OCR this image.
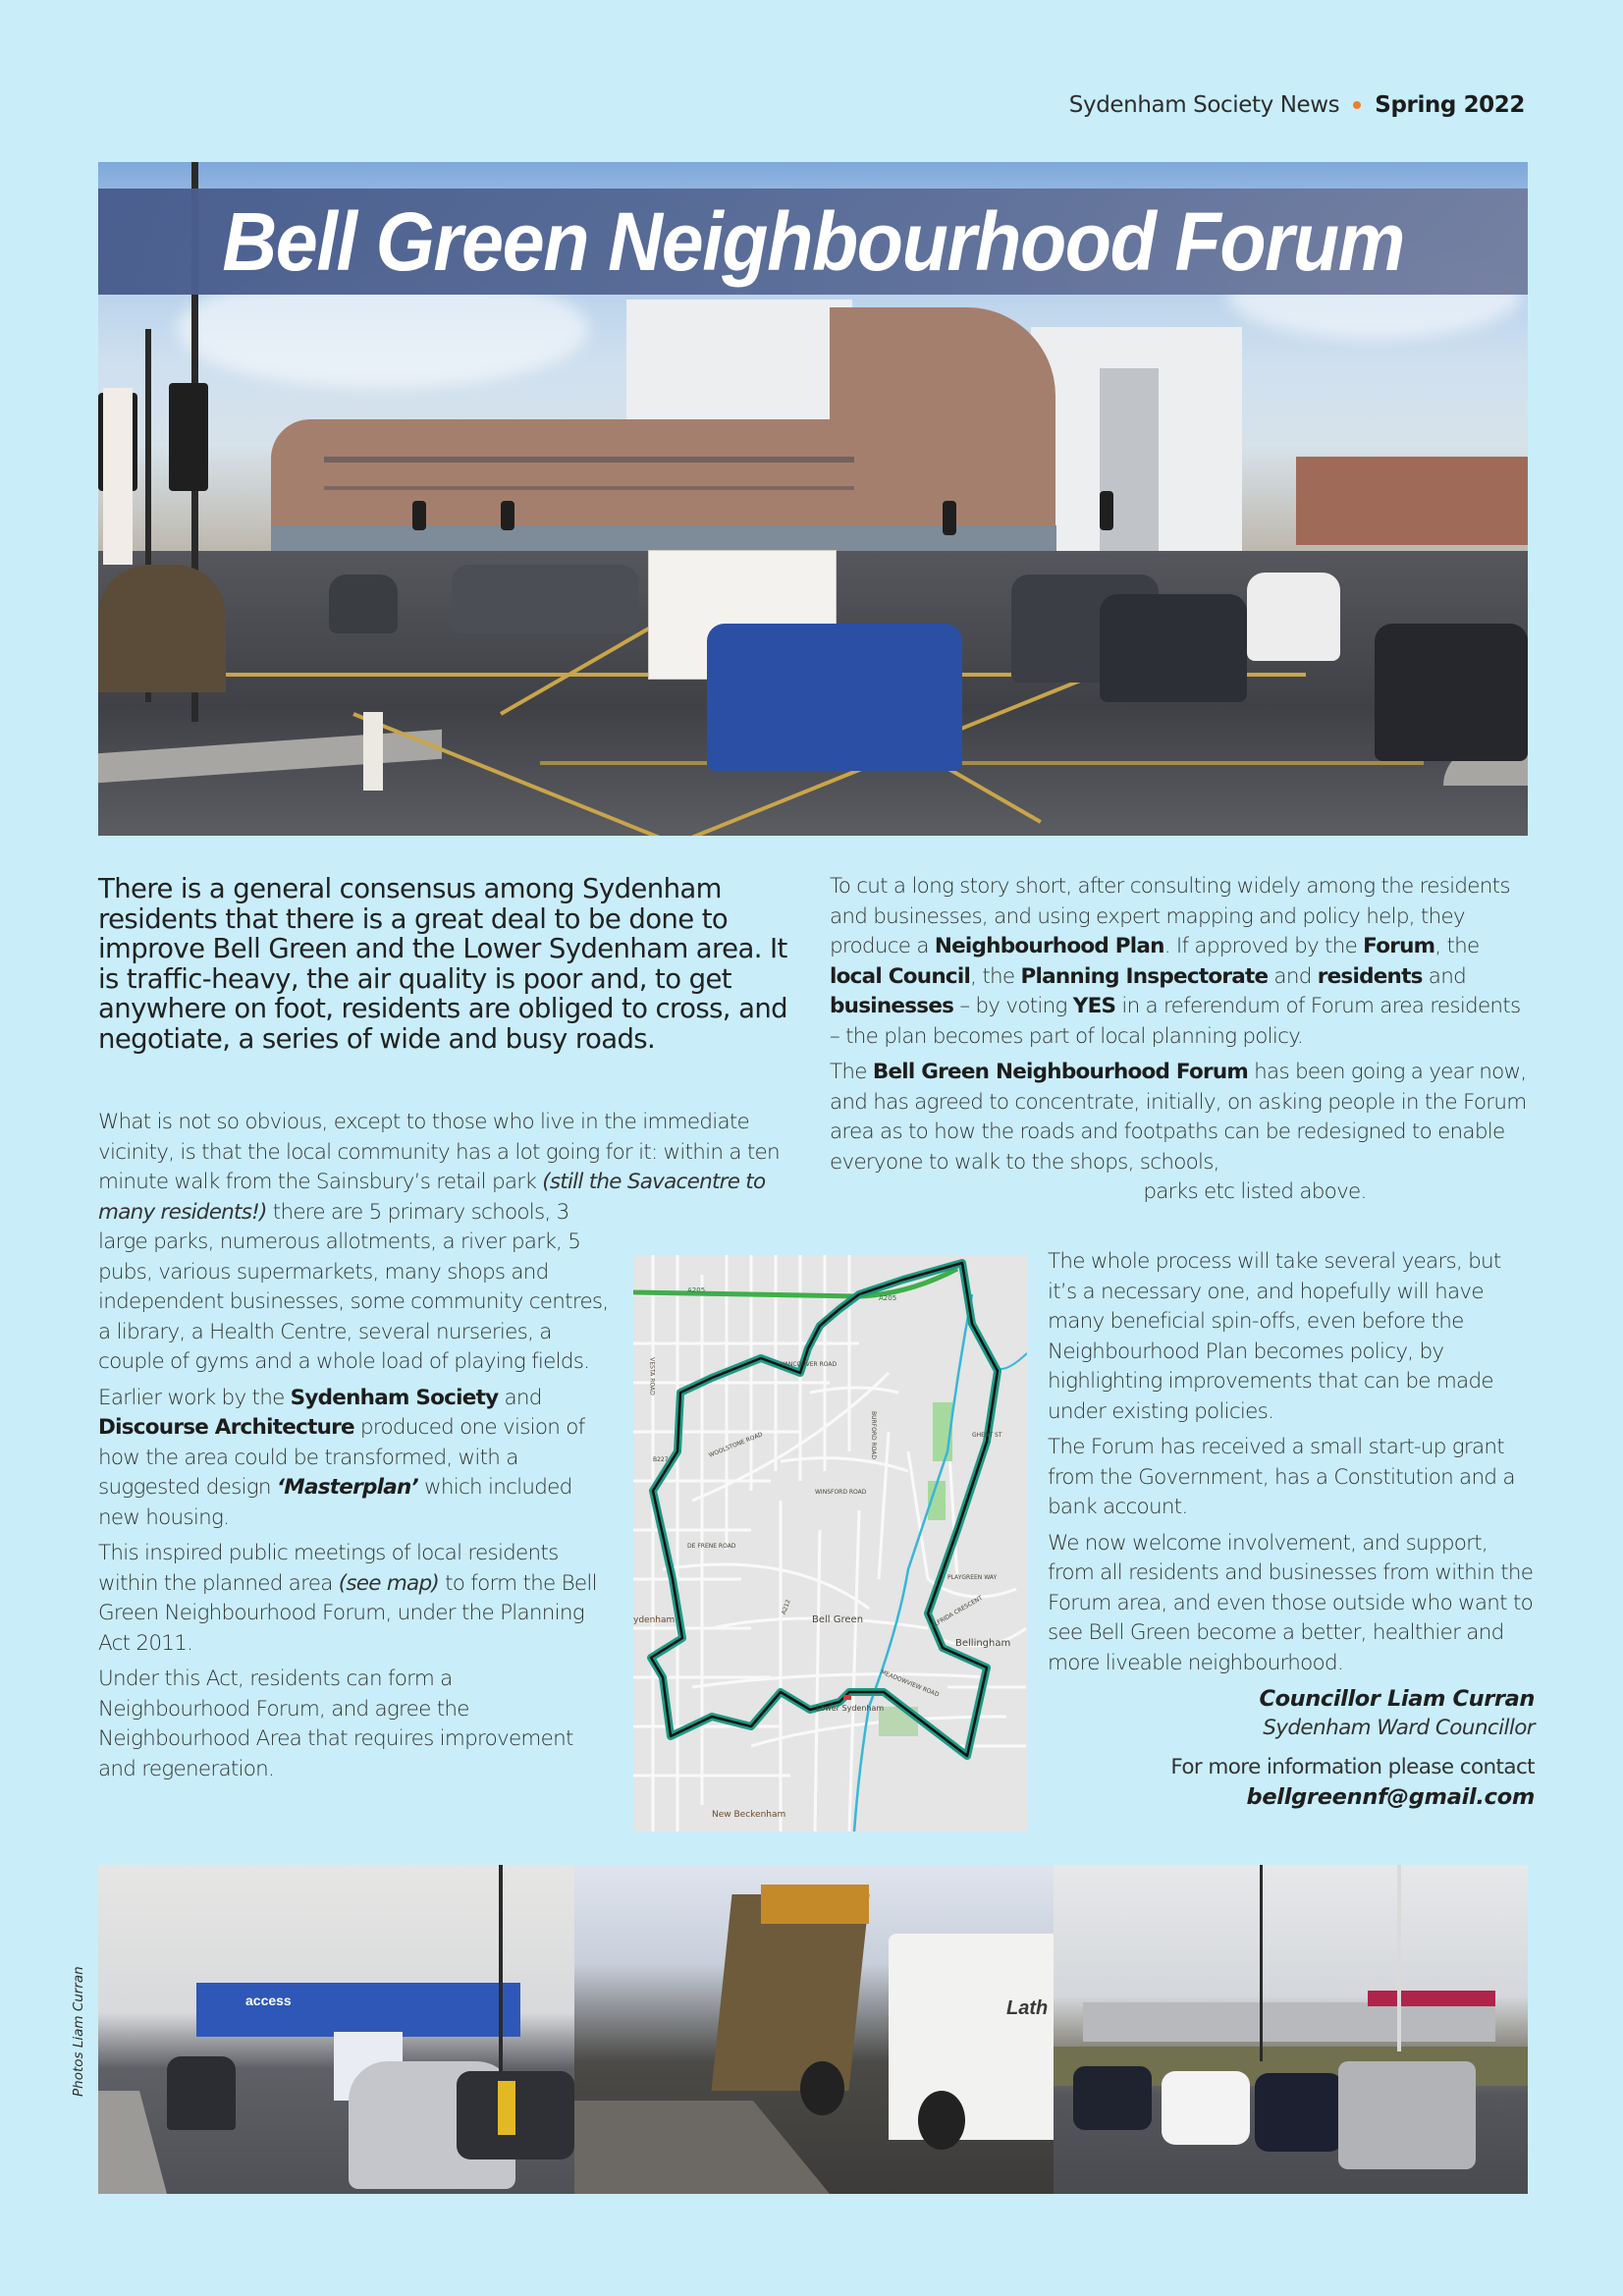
Sydenham Society News Spring 2022
Bell Green Neighbourhood Forum
There is a general consensus among Sydenham residents that there is a great deal to be done to improve Bell Green and the Lower Sydenham area. It is traffic-heavy, the air quality is poor and, to get anywhere on foot, residents are obliged to cross, and negotiate, a series of wide and busy roads.

What is not so obvious, except to those who live in the immediate vicinity, is that the local community has a lot going for it: within a ten minute walk from the Sainsbury’s retail park (still the Savacentre to many residents!) there are 5 primary schools, 3

large parks, numerous allotments, a river park, 5 pubs, various supermarkets, many shops and independent businesses, some community centres, a library, a Health Centre, several nurseries, a couple of gyms and a whole load of playing fields.

Earlier work by the Sydenham Society and Discourse Architecture produced one vision of how the area could be transformed, with a suggested design ‘Masterplan’ which included new housing.

This inspired public meetings of local residents within the planned area (see map) to form the Bell Green Neighbourhood Forum, under the Planning Act 2011.

Under this Act, residents can form a Neighbourhood Forum, and agree the Neighbourhood Area that requires improvement and regeneration.

To cut a long story short, after consulting widely among the residents and businesses, and using expert mapping and policy help, they produce a Neighbourhood Plan. If approved by the Forum, the local Council, the Planning Inspectorate and residents and businesses – by voting YES in a referendum of Forum area residents – the plan becomes part of local planning policy.

The Bell Green Neighbourhood Forum has been going a year now, and has agreed to concentrate, initially, on asking people in the Forum area as to how the roads and footpaths can be redesigned to enable everyone to walk to the shops, schools,

parks etc listed above.

The whole process will take several years, but it’s a necessary one, and hopefully will have many beneficial spin-offs, even before the Neighbourhood Plan becomes policy, by highlighting improvements that can be made under existing policies.

The Forum has received a small start-up grant from the Government, has a Constitution and a bank account.

We now welcome involvement, and support, from all residents and businesses from within the Forum area, and even those outside who want to see Bell Green become a better, healthier and more liveable neighbourhood.

Councillor Liam Curran
Sydenham Ward Councillor
For more information please contact
bellgreennf@gmail.com
A205
A205
VANCOUVER ROAD
WOOLSTONE ROAD
WINSFORD ROAD
B227
DE FRENE ROAD
VESTA ROAD
BURFORD ROAD
A212
Bell Green
Bellingham
Lower Sydenham
New Beckenham
ydenham
MEADOWVIEW ROAD
ELFRIDA CRESCENT
PLAYGREEN WAY
GHENT ST
access	Lath
Photos Liam Curran
